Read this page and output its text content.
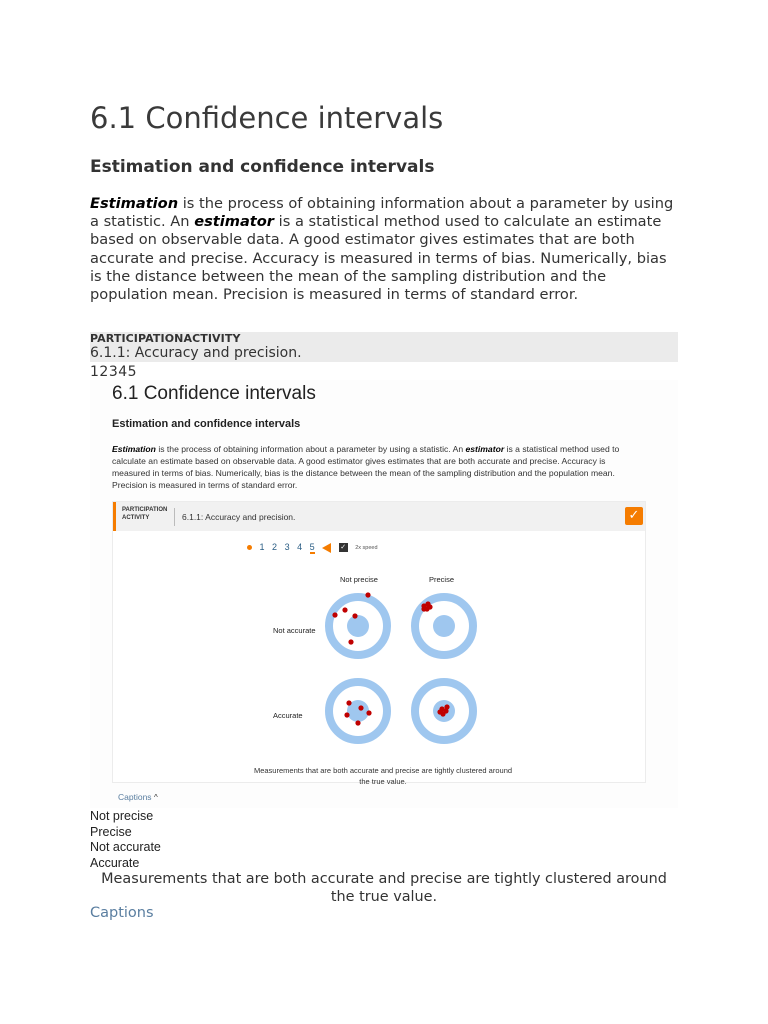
6.1 Confidence intervals
Estimation and confidence intervals
Estimation is the process of obtaining information about a parameter by using a statistic. An estimator is a statistical method used to calculate an estimate based on observable data. A good estimator gives estimates that are both accurate and precise. Accuracy is measured in terms of bias. Numerically, bias is the distance between the mean of the sampling distribution and the population mean. Precision is measured in terms of standard error.
PARTICIPATIONACTIVITY
6.1.1: Accuracy and precision.
12345
6.1 Confidence intervals
Estimation and confidence intervals
Estimation is the process of obtaining information about a parameter by using a statistic. An estimator is a statistical method used to calculate an estimate based on observable data. A good estimator gives estimates that are both accurate and precise. Accuracy is measured in terms of bias. Numerically, bias is the distance between the mean of the sampling distribution and the population mean. Precision is measured in terms of standard error.
PARTICIPATION ACTIVITY	6.1.1: Accuracy and precision.	✓
1 2 3 4 5	✓ 2x speed
Not precise	Precise
Not accurate
Accurate
Measurements that are both accurate and precise are tightly clustered around
the true value.
Captions ^
Not precise
Precise
Not accurate
Accurate
Measurements that are both accurate and precise are tightly clustered around the true value.
Captions
